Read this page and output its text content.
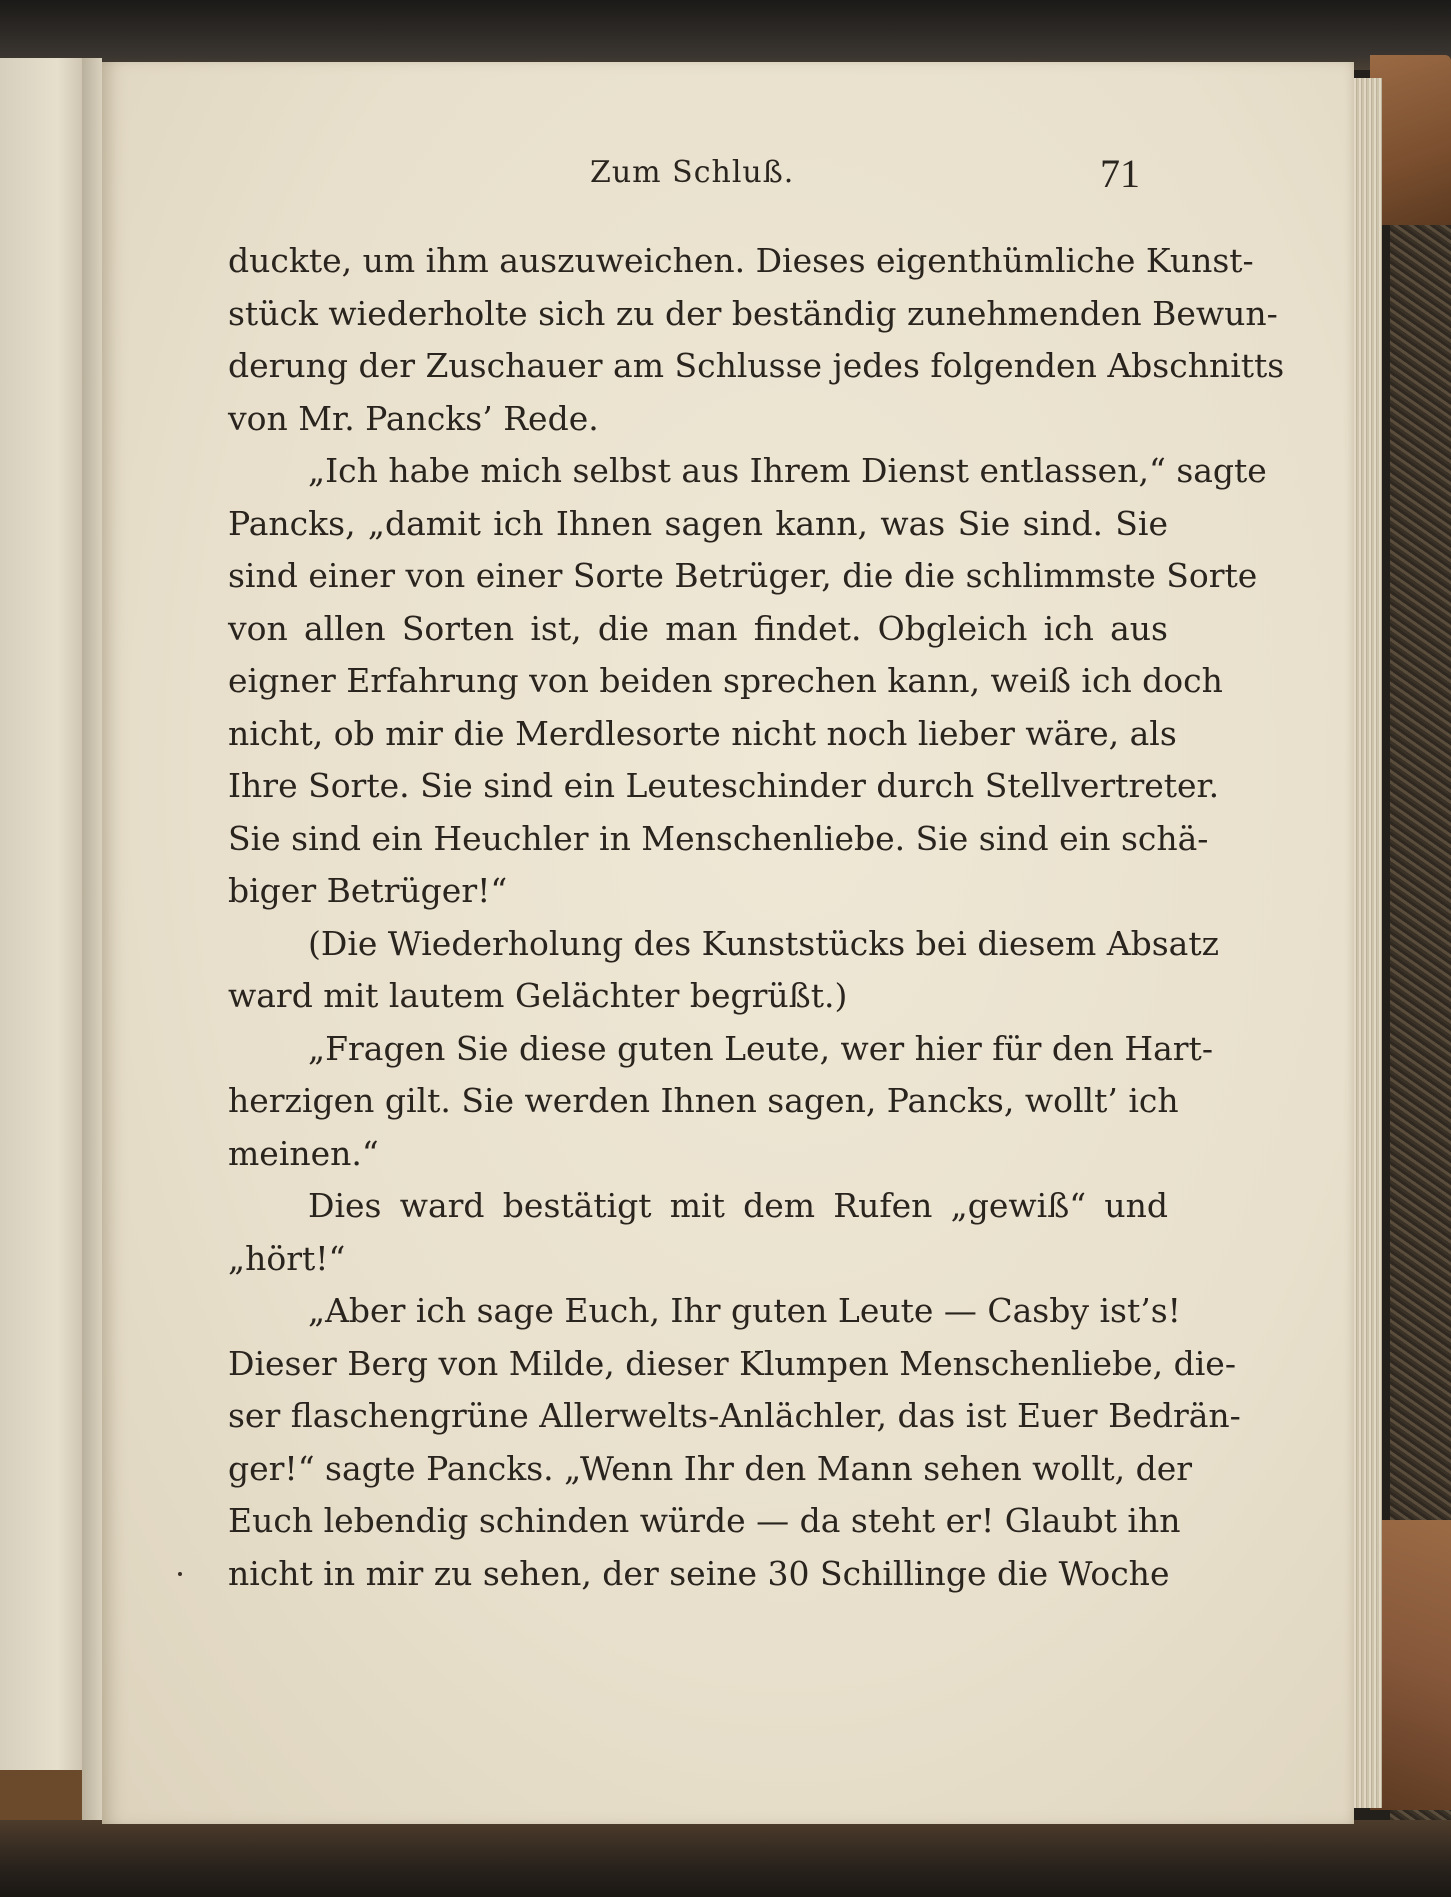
Zum Schluß.	71
duckte, um ihm auszuweichen. Dieses eigenthümliche Kunst-
stück wiederholte sich zu der beständig zunehmenden Bewun-
derung der Zuschauer am Schlusse jedes folgenden Abschnitts
von Mr. Pancks’ Rede.
„Ich habe mich selbst aus Ihrem Dienst entlassen,“ sagte
Pancks, „damit ich Ihnen sagen kann, was Sie sind. Sie
sind einer von einer Sorte Betrüger, die die schlimmste Sorte
von allen Sorten ist, die man findet. Obgleich ich aus
eigner Erfahrung von beiden sprechen kann, weiß ich doch
nicht, ob mir die Merdlesorte nicht noch lieber wäre, als
Ihre Sorte. Sie sind ein Leuteschinder durch Stellvertreter.
Sie sind ein Heuchler in Menschenliebe. Sie sind ein schä-
biger Betrüger!“
(Die Wiederholung des Kunststücks bei diesem Absatz
ward mit lautem Gelächter begrüßt.)
„Fragen Sie diese guten Leute, wer hier für den Hart-
herzigen gilt. Sie werden Ihnen sagen, Pancks, wollt’ ich
meinen.“
Dies ward bestätigt mit dem Rufen „gewiß“ und
„hört!“
„Aber ich sage Euch, Ihr guten Leute — Casby ist’s!
Dieser Berg von Milde, dieser Klumpen Menschenliebe, die-
ser flaschengrüne Allerwelts-Anlächler, das ist Euer Bedrän-
ger!“ sagte Pancks. „Wenn Ihr den Mann sehen wollt, der
Euch lebendig schinden würde — da steht er! Glaubt ihn
nicht in mir zu sehen, der seine 30 Schillinge die Woche
